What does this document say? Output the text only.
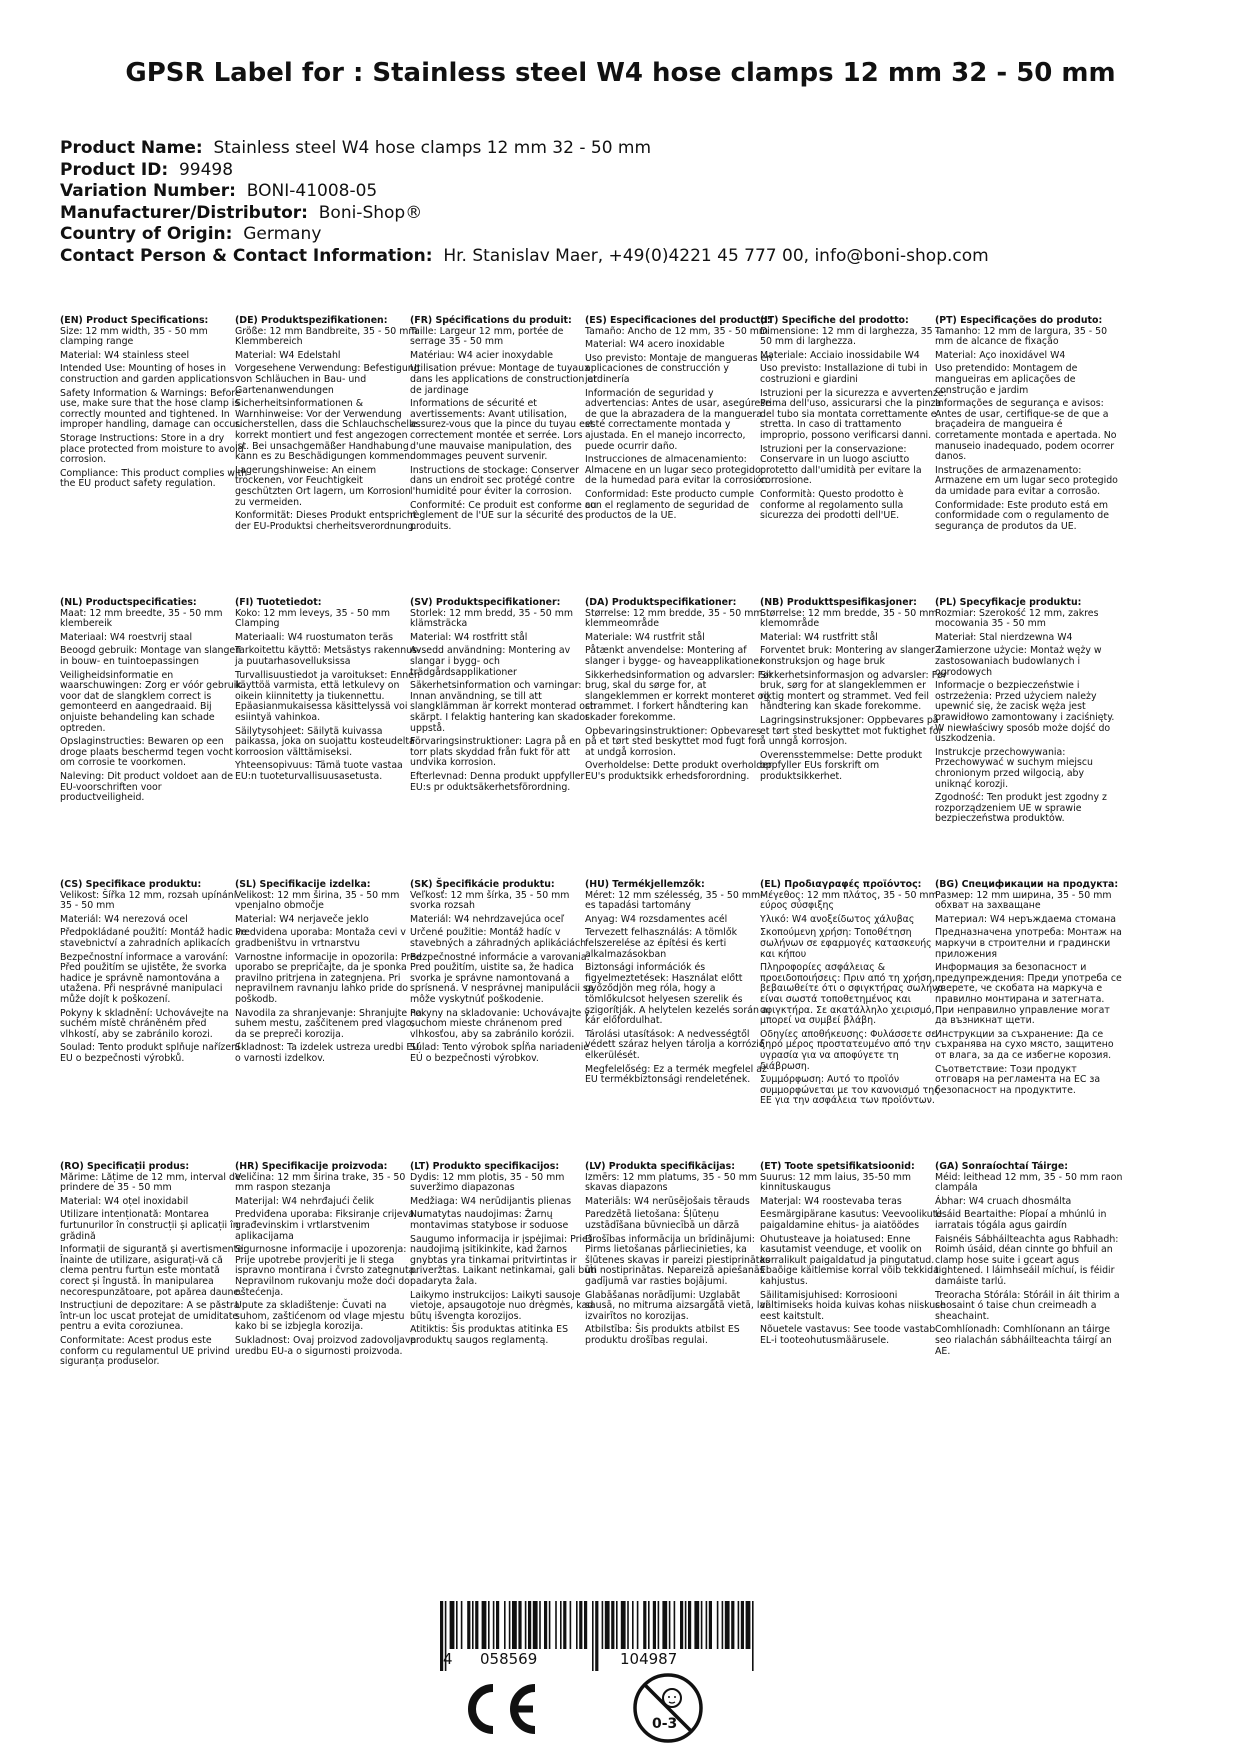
GPSR Label for : Stainless steel W4 hose clamps 12 mm 32 - 50 mm
Product Name: Stainless steel W4 hose clamps 12 mm 32 - 50 mm
Product ID: 99498
Variation Number: BONI-41008-05
Manufacturer/Distributor: Boni-Shop®
Country of Origin: Germany
Contact Person & Contact Information: Hr. Stanislav Maer, +49(0)4221 45 777 00, info@boni-shop.com
(EN) Product Specifications:

Size: 12 mm width, 35 - 50 mm clamping range

Material: W4 stainless steel

Intended Use: Mounting of hoses in construction and garden applications

Safety Information & Warnings: Before use, make sure that the hose clamp is correctly mounted and tightened. In improper handling, damage can occur.

Storage Instructions: Store in a dry place protected from moisture to avoid corrosion.

Compliance: This product complies with the EU product safety regulation.

(DE) Produktspezifikationen:

Größe: 12 mm Bandbreite, 35 - 50 mm Klemmbereich

Material: W4 Edelstahl

Vorgesehene Verwendung: Befestigung von Schläuchen in Bau- und Gartenanwendungen

Sicherheitsinformationen & Warnhinweise: Vor der Verwendung sicherstellen, dass die Schlauchschelle korrekt montiert und fest angezogen ist. Bei unsachgemäßer Handhabung kann es zu Beschädigungen kommen.

Lagerungshinweise: An einem trockenen, vor Feuchtigkeit geschützten Ort lagern, um Korrosion zu vermeiden.

Konformität: Dieses Produkt entspricht der EU-Produktsi cherheitsverordnung.

(FR) Spécifications du produit:

Taille: Largeur 12 mm, portée de serrage 35 - 50 mm

Matériau: W4 acier inoxydable

Utilisation prévue: Montage de tuyaux dans les applications de construction et de jardinage

Informations de sécurité et avertissements: Avant utilisation, assurez-vous que la pince du tuyau est correctement montée et serrée. Lors d'une mauvaise manipulation, des dommages peuvent survenir.

Instructions de stockage: Conserver dans un endroit sec protégé contre l'humidité pour éviter la corrosion.

Conformité: Ce produit est conforme au règlement de l'UE sur la sécurité des produits.

(ES) Especificaciones del producto:

Tamaño: Ancho de 12 mm, 35 - 50 mm

Material: W4 acero inoxidable

Uso previsto: Montaje de mangueras en aplicaciones de construcción y jardinería

Información de seguridad y advertencias: Antes de usar, asegúrese de que la abrazadera de la manguera esté correctamente montada y ajustada. En el manejo incorrecto, puede ocurrir daño.

Instrucciones de almacenamiento: Almacene en un lugar seco protegido de la humedad para evitar la corrosión.

Conformidad: Este producto cumple con el reglamento de seguridad de productos de la UE.

(IT) Specifiche del prodotto:

Dimensione: 12 mm di larghezza, 35 - 50 mm di larghezza.

Materiale: Acciaio inossidabile W4

Uso previsto: Installazione di tubi in costruzioni e giardini

Istruzioni per la sicurezza e avvertenze: Prima dell'uso, assicurarsi che la pinza del tubo sia montata correttamente e stretta. In caso di trattamento improprio, possono verificarsi danni.

Istruzioni per la conservazione: Conservare in un luogo asciutto protetto dall'umidità per evitare la corrosione.

Conformità: Questo prodotto è conforme al regolamento sulla sicurezza dei prodotti dell'UE.

(PT) Especificações do produto:

Tamanho: 12 mm de largura, 35 - 50 mm de alcance de fixação

Material: Aço inoxidável W4

Uso pretendido: Montagem de mangueiras em aplicações de construção e jardim

Informações de segurança e avisos: Antes de usar, certifique-se de que a braçadeira de mangueira é corretamente montada e apertada. No manuseio inadequado, podem ocorrer danos.

Instruções de armazenamento: Armazene em um lugar seco protegido da umidade para evitar a corrosão.

Conformidade: Este produto está em conformidade com o regulamento de segurança de produtos da UE.

(NL) Productspecificaties:

Maat: 12 mm breedte, 35 - 50 mm klembereik

Materiaal: W4 roestvrij staal

Beoogd gebruik: Montage van slangen in bouw- en tuintoepassingen

Veiligheidsinformatie en waarschuwingen: Zorg er vóór gebruik voor dat de slangklem correct is gemonteerd en aangedraaid. Bij onjuiste behandeling kan schade optreden.

Opslaginstructies: Bewaren op een droge plaats beschermd tegen vocht om corrosie te voorkomen.

Naleving: Dit product voldoet aan de EU-voorschriften voor productveiligheid.

(FI) Tuotetiedot:

Koko: 12 mm leveys, 35 - 50 mm Clamping

Materiaali: W4 ruostumaton teräs

Tarkoitettu käyttö: Metsästys rakennus- ja puutarhasovelluksissa

Turvallisuustiedot ja varoitukset: Ennen käyttöä varmista, että letkulevy on oikein kiinnitetty ja tiukennettu. Epäasianmukaisessa käsittelyssä voi esiintyä vahinkoa.

Säilytysohjeet: Säilytä kuivassa paikassa, joka on suojattu kosteudelta korroosion välttämiseksi.

Yhteensopivuus: Tämä tuote vastaa EU:n tuoteturvallisuusasetusta.

(SV) Produktspecifikationer:

Storlek: 12 mm bredd, 35 - 50 mm klämsträcka

Material: W4 rostfritt stål

Avsedd användning: Montering av slangar i bygg- och trädgårdsapplikationer

Säkerhetsinformation och varningar: Innan användning, se till att slangklämman är korrekt monterad och skärpt. I felaktig hantering kan skador uppstå.

Förvaringsinstruktioner: Lagra på en torr plats skyddad från fukt för att undvika korrosion.

Efterlevnad: Denna produkt uppfyller EU:s pr oduktsäkerhetsförordning.

(DA) Produktspecifikationer:

Størrelse: 12 mm bredde, 35 - 50 mm klemmeområde

Materiale: W4 rustfrit stål

Påtænkt anvendelse: Montering af slanger i bygge- og haveapplikationer

Sikkerhedsinformation og advarsler: Før brug, skal du sørge for, at slangeklemmen er korrekt monteret og strammet. I forkert håndtering kan skader forekomme.

Opbevaringsinstruktioner: Opbevares på et tørt sted beskyttet mod fugt for at undgå korrosion.

Overholdelse: Dette produkt overholder EU's produktsikk erhedsforordning.

(NB) Produkttspesifikasjoner:

Størrelse: 12 mm bredde, 35 - 50 mm klemområde

Material: W4 rustfritt stål

Forventet bruk: Montering av slanger i konstruksjon og hage bruk

Sikkerhetsinformasjon og advarsler: Før bruk, sørg for at slangeklemmen er riktig montert og strammet. Ved feil håndtering kan skade forekomme.

Lagringsinstruksjoner: Oppbevares på et tørt sted beskyttet mot fuktighet for å unngå korrosjon.

Overensstemmelse: Dette produkt oppfyller EUs forskrift om produktsikkerhet.

(PL) Specyfikacje produktu:

Rozmiar: Szerokość 12 mm, zakres mocowania 35 - 50 mm

Materiał: Stal nierdzewna W4

Zamierzone użycie: Montaż węży w zastosowaniach budowlanych i ogrodowych

Informacje o bezpieczeństwie i ostrzeżenia: Przed użyciem należy upewnić się, że zacisk węża jest prawidłowo zamontowany i zaciśnięty. W niewłaściwy sposób może dojść do uszkodzenia.

Instrukcje przechowywania: Przechowywać w suchym miejscu chronionym przed wilgocią, aby uniknąć korozji.

Zgodność: Ten produkt jest zgodny z rozporządzeniem UE w sprawie bezpieczeństwa produktów.

(CS) Specifikace produktu:

Velikost: Šířka 12 mm, rozsah upínání 35 - 50 mm

Materiál: W4 nerezová ocel

Předpokládané použití: Montáž hadic ve stavebnictví a zahradních aplikacích

Bezpečnostní informace a varování: Před použitím se ujistěte, že svorka hadice je správně namontována a utažena. Při nesprávné manipulaci může dojít k poškození.

Pokyny k skladnění: Uchovávejte na suchém místě chráněném před vlhkostí, aby se zabránilo korozi.

Soulad: Tento produkt splňuje nařízení EU o bezpečnosti výrobků.

(SL) Specifikacije izdelka:

Velikost: 12 mm širina, 35 - 50 mm vpenjalno območje

Material: W4 nerjaveče jeklo

Predvidena uporaba: Montaža cevi v gradbeništvu in vrtnarstvu

Varnostne informacije in opozorila: Pred uporabo se prepričajte, da je sponka pravilno pritrjena in zategnjena. Pri nepravilnem ravnanju lahko pride do poškodb.

Navodila za shranjevanje: Shranjujte na suhem mestu, zaščitenem pred vlago, da se prepreči korozija.

Skladnost: Ta izdelek ustreza uredbi EU o varnosti izdelkov.

(SK) Špecifikácie produktu:

Veľkosť: 12 mm šírka, 35 - 50 mm svorka rozsah

Materiál: W4 nehrdzavejúca oceľ

Určené použitie: Montáž hadíc v stavebných a záhradných aplikáciách

Bezpečnostné informácie a varovania: Pred použitím, uistite sa, že hadica svorka je správne namontovaná a sprísnená. V nesprávnej manipulácii sa môže vyskytnúť poškodenie.

Pokyny na skladovanie: Uchovávajte v suchom mieste chránenom pred vlhkosťou, aby sa zabránilo korózii.

Súlad: Tento výrobok spĺňa nariadenie EÚ o bezpečnosti výrobkov.

(HU) Termékjellemzők:

Méret: 12 mm szélesség, 35 - 50 mm-es tapadási tartomány

Anyag: W4 rozsdamentes acél

Tervezett felhasználás: A tömlők felszerelése az építési és kerti alkalmazásokban

Biztonsági információk és figyelmeztetések: Használat előtt győződjön meg róla, hogy a tömlőkulcsot helyesen szerelik és szigorítják. A helytelen kezelés során a kár előfordulhat.

Tárolási utasítások: A nedvességtől védett száraz helyen tárolja a korrózió elkerülését.

Megfelelőség: Ez a termék megfelel az EU termékbiztonsági rendeletének.

(EL) Προδιαγραφές προϊόντος:

Μέγεθος: 12 mm πλάτος, 35 - 50 mm εύρος σύσφιξης

Υλικό: W4 ανοξείδωτος χάλυβας

Σκοπούμενη χρήση: Τοποθέτηση σωλήνων σε εφαρμογές κατασκευής και κήπου

Πληροφορίες ασφάλειας & προειδοποιήσεις: Πριν από τη χρήση, βεβαιωθείτε ότι ο σφιγκτήρας σωλήνα είναι σωστά τοποθετημένος και σφιγκτήρα. Σε ακατάλληλο χειρισμό, μπορεί να συμβεί βλάβη.

Οδηγίες αποθήκευσης: Φυλάσσετε σε ξηρό μέρος προστατευμένο από την υγρασία για να αποφύγετε τη διάβρωση.

Συμμόρφωση: Αυτό το προϊόν συμμορφώνεται με τον κανονισμό της ΕΕ για την ασφάλεια των προϊόντων.

(BG) Спецификации на продукта:

Размер: 12 mm ширина, 35 - 50 mm обхват на захващане

Материал: W4 неръждаема стомана

Предназначена употреба: Монтаж на маркучи в строителни и градински приложения

Информация за безопасност и предупреждения: Преди употреба се уверете, че скобата на маркуча е правилно монтирана и затегната. При неправилно управление могат да възникнат щети.

Инструкции за съхранение: Да се съхранява на сухо място, защитено от влага, за да се избегне корозия.

Съответствие: Този продукт отговаря на регламента на ЕС за безопасност на продуктите.

(RO) Specificații produs:

Mărime: Lățime de 12 mm, interval de prindere de 35 - 50 mm

Material: W4 oțel inoxidabil

Utilizare intenționată: Montarea furtunurilor în construcții și aplicații în grădină

Informații de siguranță și avertismente: Înainte de utilizare, asigurați-vă că clema pentru furtun este montată corect și îngustă. În manipularea necorespunzătoare, pot apărea daune.

Instrucțiuni de depozitare: A se păstra într-un loc uscat protejat de umiditate pentru a evita coroziunea.

Conformitate: Acest produs este conform cu regulamentul UE privind siguranța produselor.

(HR) Specifikacije proizvoda:

Veličina: 12 mm širina trake, 35 - 50 mm raspon stezanja

Materijal: W4 nehrđajući čelik

Predviđena uporaba: Fiksiranje crijeva u građevinskim i vrtlarstvenim aplikacijama

Sigurnosne informacije i upozorenja: Prije upotrebe provjeriti je li stega ispravno montirana i čvrsto zategnuta. Nepravilnom rukovanju može doći do oštećenja.

Upute za skladištenje: Čuvati na suhom, zaštićenom od vlage mjestu kako bi se izbjegla korozija.

Sukladnost: Ovaj proizvod zadovoljava uredbu EU-a o sigurnosti proizvoda.

(LT) Produkto specifikacijos:

Dydis: 12 mm plotis, 35 - 50 mm suveržimo diapazonas

Medžiaga: W4 nerūdijantis plienas

Numatytas naudojimas: Žarnų montavimas statybose ir soduose

Saugumo informacija ir įspėjimai: Prieš naudojimą įsitikinkite, kad žarnos gnybtas yra tinkamai pritvirtintas ir priveržtas. Laikant netinkamai, gali būti padaryta žala.

Laikymo instrukcijos: Laikyti sausoje vietoje, apsaugotoje nuo drėgmės, kad būtų išvengta korozijos.

Atitiktis: Šis produktas atitinka ES produktų saugos reglamentą.

(LV) Produkta specifikācijas:

Izmērs: 12 mm platums, 35 - 50 mm skavas diapazons

Materiāls: W4 nerūsējošais tērauds

Paredzētā lietošana: Šļūteņu uzstādīšana būvniecībā un dārzā

Drošības informācija un brīdinājumi: Pirms lietošanas pārliecinieties, ka šļūtenes skavas ir pareizi piestiprinātas un nostiprinātas. Nepareizā apiešanās gadījumā var rasties bojājumi.

Glabāšanas norādījumi: Uzglabāt sausā, no mitruma aizsargātā vietā, lai izvairītos no korozijas.

Atbilstība: Šis produkts atbilst ES produktu drošības regulai.

(ET) Toote spetsifikatsioonid:

Suurus: 12 mm laius, 35-50 mm kinnituskaugus

Materjal: W4 roostevaba teras

Eesmärgipärane kasutus: Veevoolikute paigaldamine ehitus- ja aiatöödes

Ohutusteave ja hoiatused: Enne kasutamist veenduge, et voolik on korralikult paigaldatud ja pingutatud. Ebaõige käitlemise korral võib tekkida kahjustus.

Säilitamisjuhised: Korrosiooni vältimiseks hoida kuivas kohas niiskuse eest kaitstult.

Nõuetele vastavus: See toode vastab EL-i tooteohutusmäärusele.

(GA) Sonraíochtaí Táirge:

Méid: leithead 12 mm, 35 - 50 mm raon clampála

Ábhar: W4 cruach dhosmálta

Úsáid Beartaithe: Píopaí a mhúnlú in iarratais tógála agus gairdín

Faisnéis Sábháilteachta agus Rabhadh: Roimh úsáid, déan cinnte go bhfuil an clamp hose suite i gceart agus tightened. I láimhseáil míchuí, is féidir damáiste tarlú.

Treoracha Stórála: Stóráil in áit thirim a chosaint ó taise chun creimeadh a sheachaint.

Comhlíonadh: Comhlíonann an táirge seo rialachán sábháilteachta táirgí an AE.

4 058569	104987
0-3
